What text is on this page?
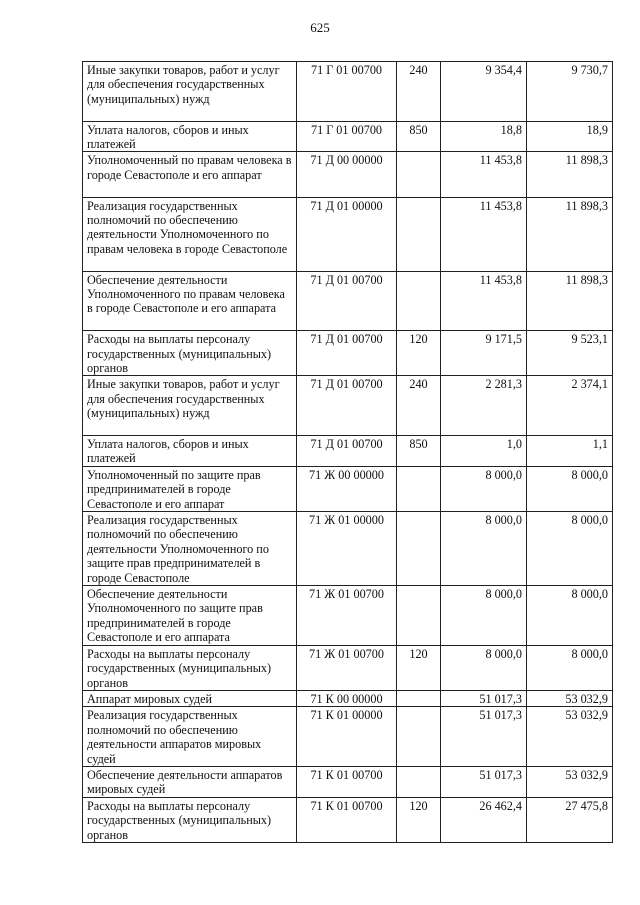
625
Иные закупки товаров, работ и услуг для обеспечения государственных (муниципальных) нужд	71 Г 01 00700	240	9 354,4	9 730,7
Уплата налогов, сборов и иных платежей	71 Г 01 00700	850	18,8	18,9
Уполномоченный по правам человека в городе Севастополе и его аппарат	71 Д 00 00000		11 453,8	11 898,3
Реализация государственных полномочий по обеспечению деятельности Уполномоченного по правам человека в городе Севастополе	71 Д 01 00000		11 453,8	11 898,3
Обеспечение деятельности Уполномоченного по правам человека в городе Севастополе и его аппарата	71 Д 01 00700		11 453,8	11 898,3
Расходы на выплаты персоналу государственных (муниципальных) органов	71 Д 01 00700	120	9 171,5	9 523,1
Иные закупки товаров, работ и услуг для обеспечения государственных (муниципальных) нужд	71 Д 01 00700	240	2 281,3	2 374,1
Уплата налогов, сборов и иных платежей	71 Д 01 00700	850	1,0	1,1
Уполномоченный по защите прав предпринимателей в городе Севастополе и его аппарат	71 Ж 00 00000		8 000,0	8 000,0
Реализация государственных полномочий по обеспечению деятельности Уполномоченного по защите прав предпринимателей в городе Севастополе	71 Ж 01 00000		8 000,0	8 000,0
Обеспечение деятельности Уполномоченного по защите прав предпринимателей в городе Севастополе и его аппарата	71 Ж 01 00700		8 000,0	8 000,0
Расходы на выплаты персоналу государственных (муниципальных) органов	71 Ж 01 00700	120	8 000,0	8 000,0
Аппарат мировых судей	71 К 00 00000		51 017,3	53 032,9
Реализация государственных полномочий по обеспечению деятельности аппаратов мировых судей	71 К 01 00000		51 017,3	53 032,9
Обеспечение деятельности аппаратов мировых судей	71 К 01 00700		51 017,3	53 032,9
Расходы на выплаты персоналу государственных (муниципальных) органов	71 К 01 00700	120	26 462,4	27 475,8
